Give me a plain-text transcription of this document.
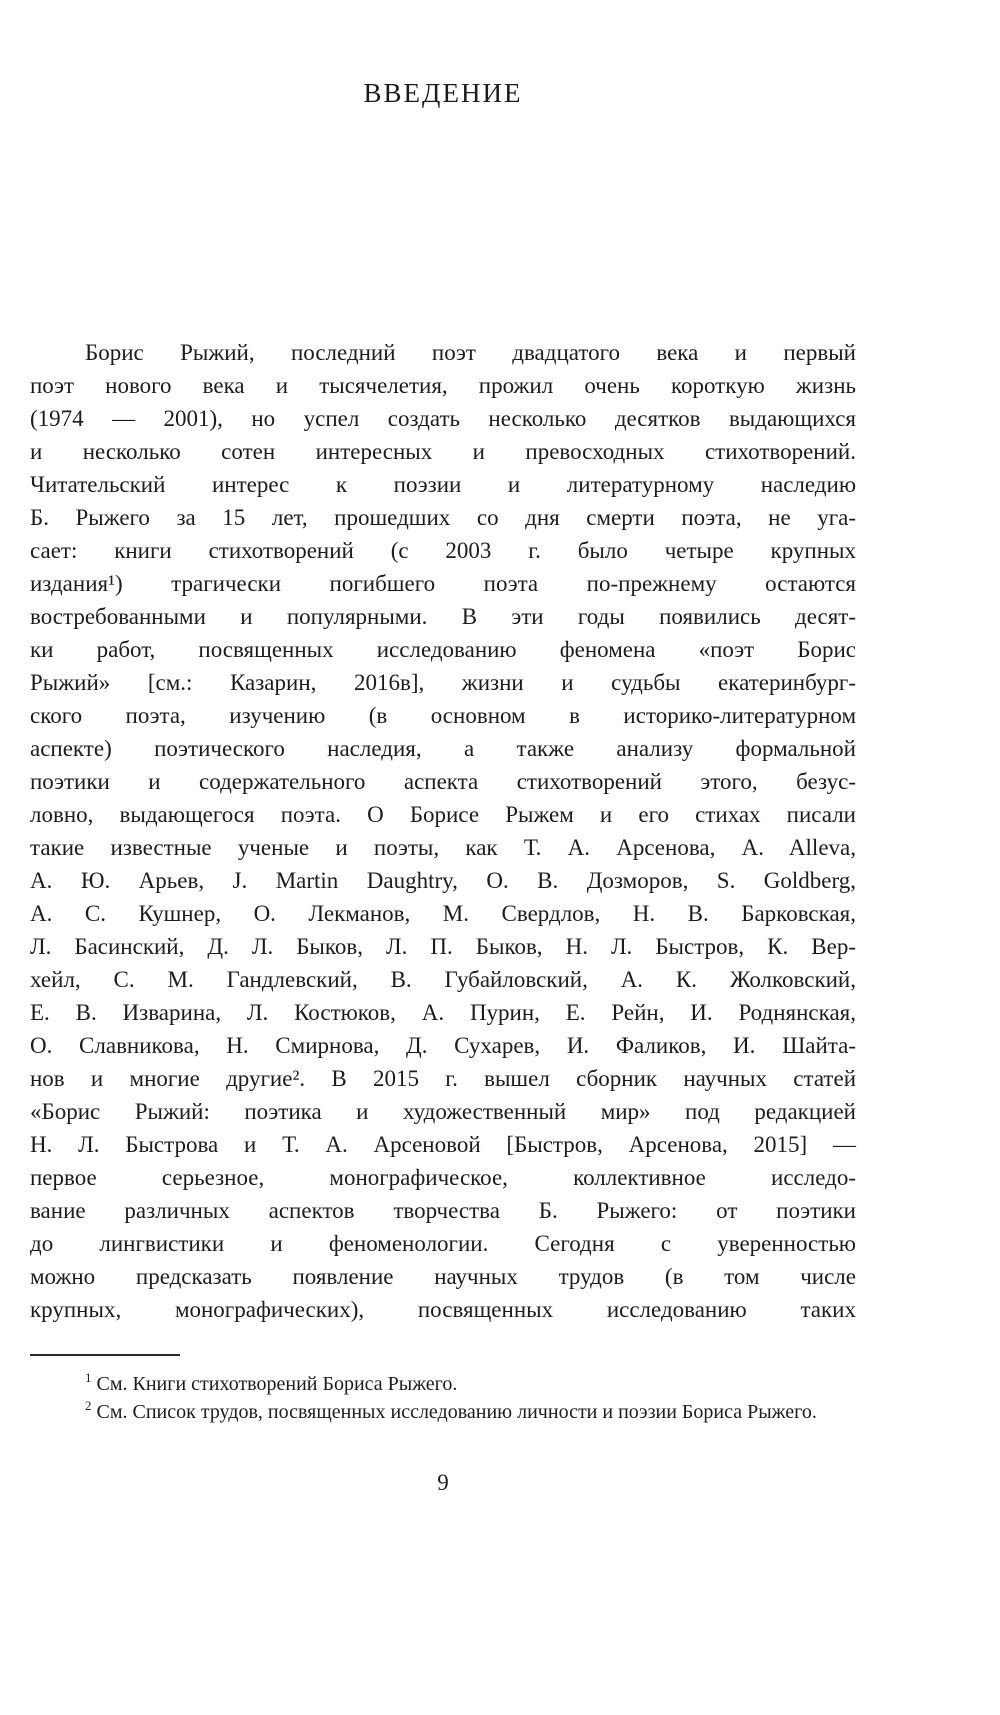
ВВЕДЕНИЕ
Борис Рыжий, последний поэт двадцатого века и первый
поэт нового века и тысячелетия, прожил очень короткую жизнь
(1974 — 2001), но успел создать несколько десятков выдающихся
и несколько сотен интересных и превосходных стихотворений.
Читательский интерес к поэзии и литературному наследию
Б. Рыжего за 15 лет, прошедших со дня смерти поэта, не уга-
сает: книги стихотворений (с 2003 г. было четыре крупных
издания¹) трагически погибшего поэта по-прежнему остаются
востребованными и популярными. В эти годы появились десят-
ки работ, посвященных исследованию феномена «поэт Борис
Рыжий» [см.: Казарин, 2016в], жизни и судьбы екатеринбург-
ского поэта, изучению (в основном в историко-литературном
аспекте) поэтического наследия, а также анализу формальной
поэтики и содержательного аспекта стихотворений этого, безус-
ловно, выдающегося поэта. О Борисе Рыжем и его стихах писали
такие известные ученые и поэты, как Т. А. Арсенова, A. Alleva,
А. Ю. Арьев, J. Martin Daughtry, О. В. Дозморов, S. Goldberg,
А. С. Кушнер, О. Лекманов, М. Свердлов, Н. В. Барковская,
Л. Басинский, Д. Л. Быков, Л. П. Быков, Н. Л. Быстров, К. Вер-
хейл, С. М. Гандлевский, В. Губайловский, А. К. Жолковский,
Е. В. Изварина, Л. Костюков, А. Пурин, Е. Рейн, И. Роднянская,
О. Славникова, Н. Смирнова, Д. Сухарев, И. Фаликов, И. Шайта-
нов и многие другие². В 2015 г. вышел сборник научных статей
«Борис Рыжий: поэтика и художественный мир» под редакцией
Н. Л. Быстрова и Т. А. Арсеновой [Быстров, Арсенова, 2015] —
первое серьезное, монографическое, коллективное исследо-
вание различных аспектов творчества Б. Рыжего: от поэтики
до лингвистики и феноменологии. Сегодня с уверенностью
можно предсказать появление научных трудов (в том числе
крупных, монографических), посвященных исследованию таких
$^1$ См. Книги стихотворений Бориса Рыжего.
$^2$ См. Список трудов, посвященных исследованию личности и поэзии Бориса Рыжего.
9
